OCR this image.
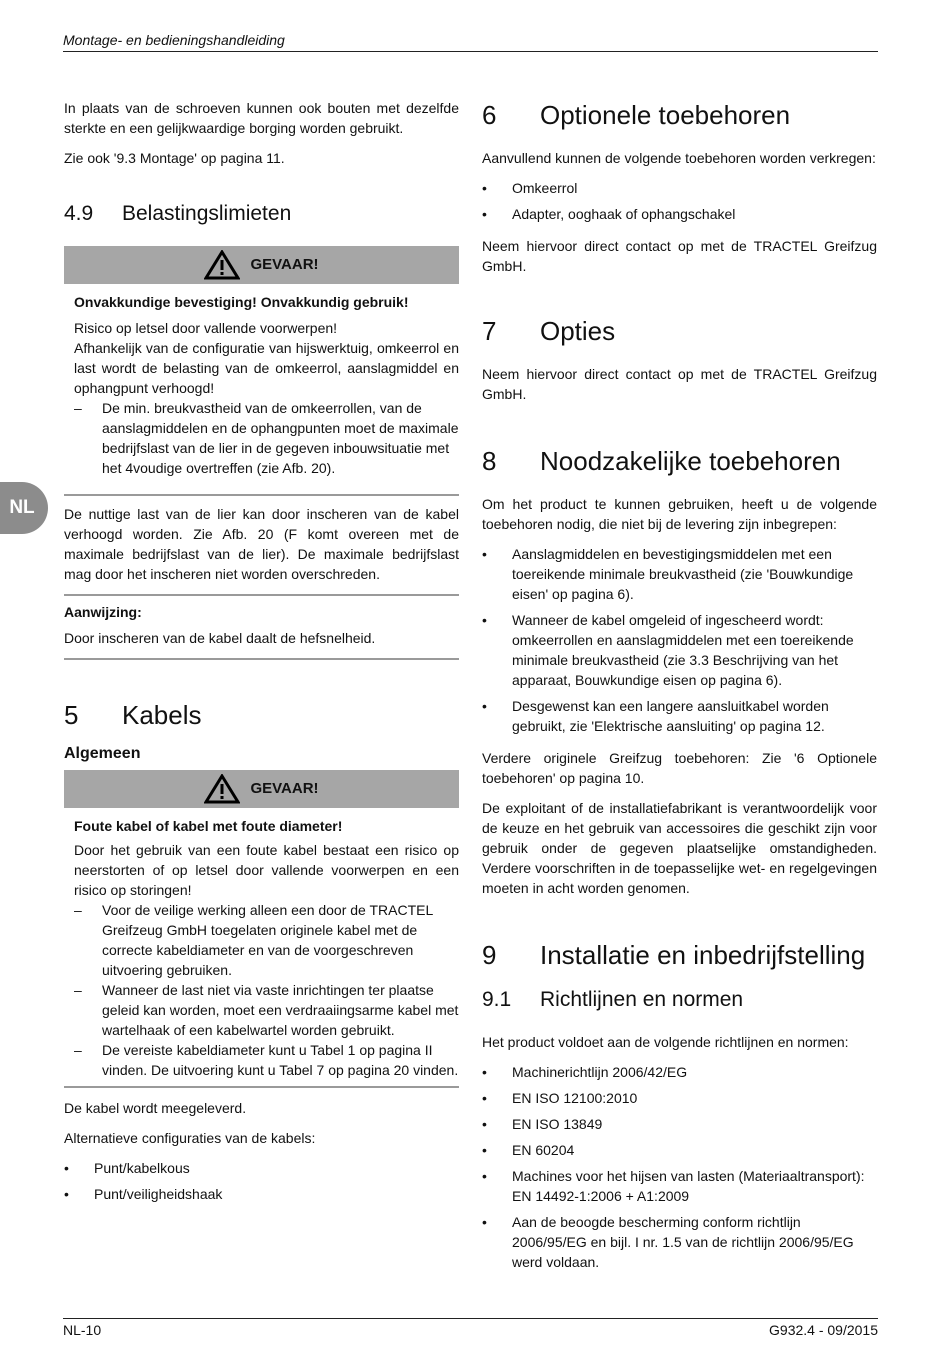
Montage- en bedieningshandleiding
NL

In plaats van de schroeven kunnen ook bouten met dezelfde sterkte en een gelijkwaardige borging worden gebruikt.

Zie ook '9.3 Montage' op pagina 11.

4.9	Belastingslimieten
GEVAAR!

Onvakkundige bevestiging! Onvakkundig gebruik!

Risico op letsel door vallende voorwerpen!

Afhankelijk van de configuratie van hijswerktuig, omkeerrol en last wordt de belasting van de omkeerrol, aanslagmiddel en ophangpunt verhoogd!

–	De min. breukvastheid van de omkeerrollen, van de aanslagmiddelen en de ophangpunten moet de maximale bedrijfslast van de lier in de gegeven inbouwsituatie met het 4voudige overtreffen (zie Afb. 20).

De nuttige last van de lier kan door inscheren van de kabel verhoogd worden. Zie Afb. 20 (F komt overeen met de maximale bedrijfslast van de lier). De maximale bedrijfslast mag door het inscheren niet worden overschreden.

Aanwijzing:

Door inscheren van de kabel daalt de hefsnelheid.

5	Kabels

Algemeen

GEVAAR!

Foute kabel of kabel met foute diameter!

Door het gebruik van een foute kabel bestaat een risico op neerstorten of op letsel door vallende voorwerpen en een risico op storingen!

–	Voor de veilige werking alleen een door de TRACTEL Greifzeug GmbH toegelaten originele kabel met de correcte kabeldiameter en van de voorgeschreven uitvoering gebruiken.
–	Wanneer de last niet via vaste inrichtingen ter plaatse geleid kan worden, moet een verdraaiingsarme kabel met wartelhaak of een kabelwartel worden gebruikt.
–	De vereiste kabeldiameter kunt u Tabel 1 op pagina II vinden. De uitvoering kunt u Tabel 7 op pagina 20 vinden.

De kabel wordt meegeleverd.

Alternatieve configuraties van de kabels:

•	Punt/kabelkous
•	Punt/veiligheidshaak
6	Optionele toebehoren

Aanvullend kunnen de volgende toebehoren worden verkregen:

•	Omkeerrol
•	Adapter, ooghaak of ophangschakel

Neem hiervoor direct contact op met de TRACTEL Greifzug GmbH.

7	Opties

Neem hiervoor direct contact op met de TRACTEL Greifzug GmbH.

8	Noodzakelijke toebehoren

Om het product te kunnen gebruiken, heeft u de volgende toebehoren nodig, die niet bij de levering zijn inbegrepen:

•	Aanslagmiddelen en bevestigingsmiddelen met een toereikende minimale breukvastheid (zie 'Bouwkundige eisen' op pagina 6).
•	Wanneer de kabel omgeleid of ingescheerd wordt: omkeerrollen en aanslagmiddelen met een toereikende minimale breukvastheid (zie 3.3 Beschrijving van het apparaat, Bouwkundige eisen op pagina 6).
•	Desgewenst kan een langere aansluitkabel worden gebruikt, zie 'Elektrische aansluiting' op pagina 12.

Verdere originele Greifzug toebehoren: Zie '6 Optionele toebehoren' op pagina 10.

De exploitant of de installatiefabrikant is verantwoordelijk voor de keuze en het gebruik van accessoires die geschikt zijn voor gebruik onder de gegeven plaatselijke omstandigheden. Verdere voorschriften in de toepasselijke wet- en regelgevingen moeten in acht worden genomen.

9	Installatie en inbedrijfstelling
9.1	Richtlijnen en normen

Het product voldoet aan de volgende richtlijnen en normen:

•	Machinerichtlijn 2006/42/EG
•	EN ISO 12100:2010
•	EN ISO 13849
•	EN 60204
•	Machines voor het hijsen van lasten (Materiaaltransport): EN 14492-1:2006 + A1:2009
•	Aan de beoogde bescherming conform richtlijn 2006/95/EG en bijl. I nr. 1.5 van de richtlijn 2006/95/EG werd voldaan.
NL-10	G932.4 - 09/2015
